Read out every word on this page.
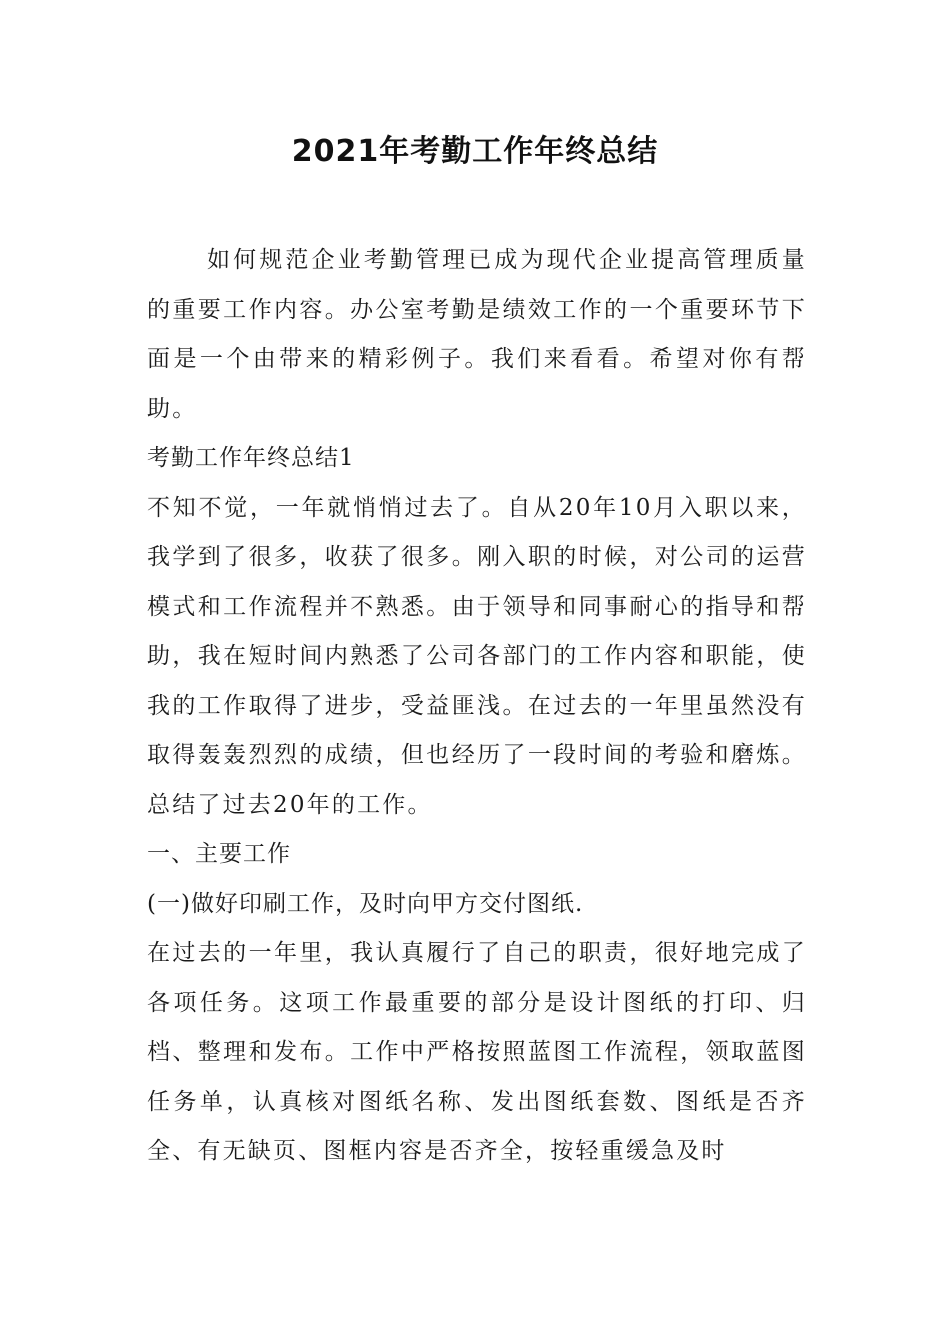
2021年考勤工作年终总结

如何规范企业考勤管理已成为现代企业提高管理质量的重要工作内容。办公室考勤是绩效工作的一个重要环节下面是一个由带来的精彩例子。我们来看看。希望对你有帮助。

考勤工作年终总结1

不知不觉，一年就悄悄过去了。自从20年10月入职以来，我学到了很多，收获了很多。刚入职的时候，对公司的运营模式和工作流程并不熟悉。由于领导和同事耐心的指导和帮助，我在短时间内熟悉了公司各部门的工作内容和职能，使我的工作取得了进步，受益匪浅。在过去的一年里虽然没有取得轰轰烈烈的成绩，但也经历了一段时间的考验和磨炼。总结了过去20年的工作。

一、主要工作

(一)做好印刷工作，及时向甲方交付图纸.

在过去的一年里，我认真履行了自己的职责，很好地完成了各项任务。这项工作最重要的部分是设计图纸的打印、归档、整理和发布。工作中严格按照蓝图工作流程，领取蓝图任务单，认真核对图纸名称、发出图纸套数、图纸是否齐全、有无缺页、图框内容是否齐全，按轻重缓急及时
